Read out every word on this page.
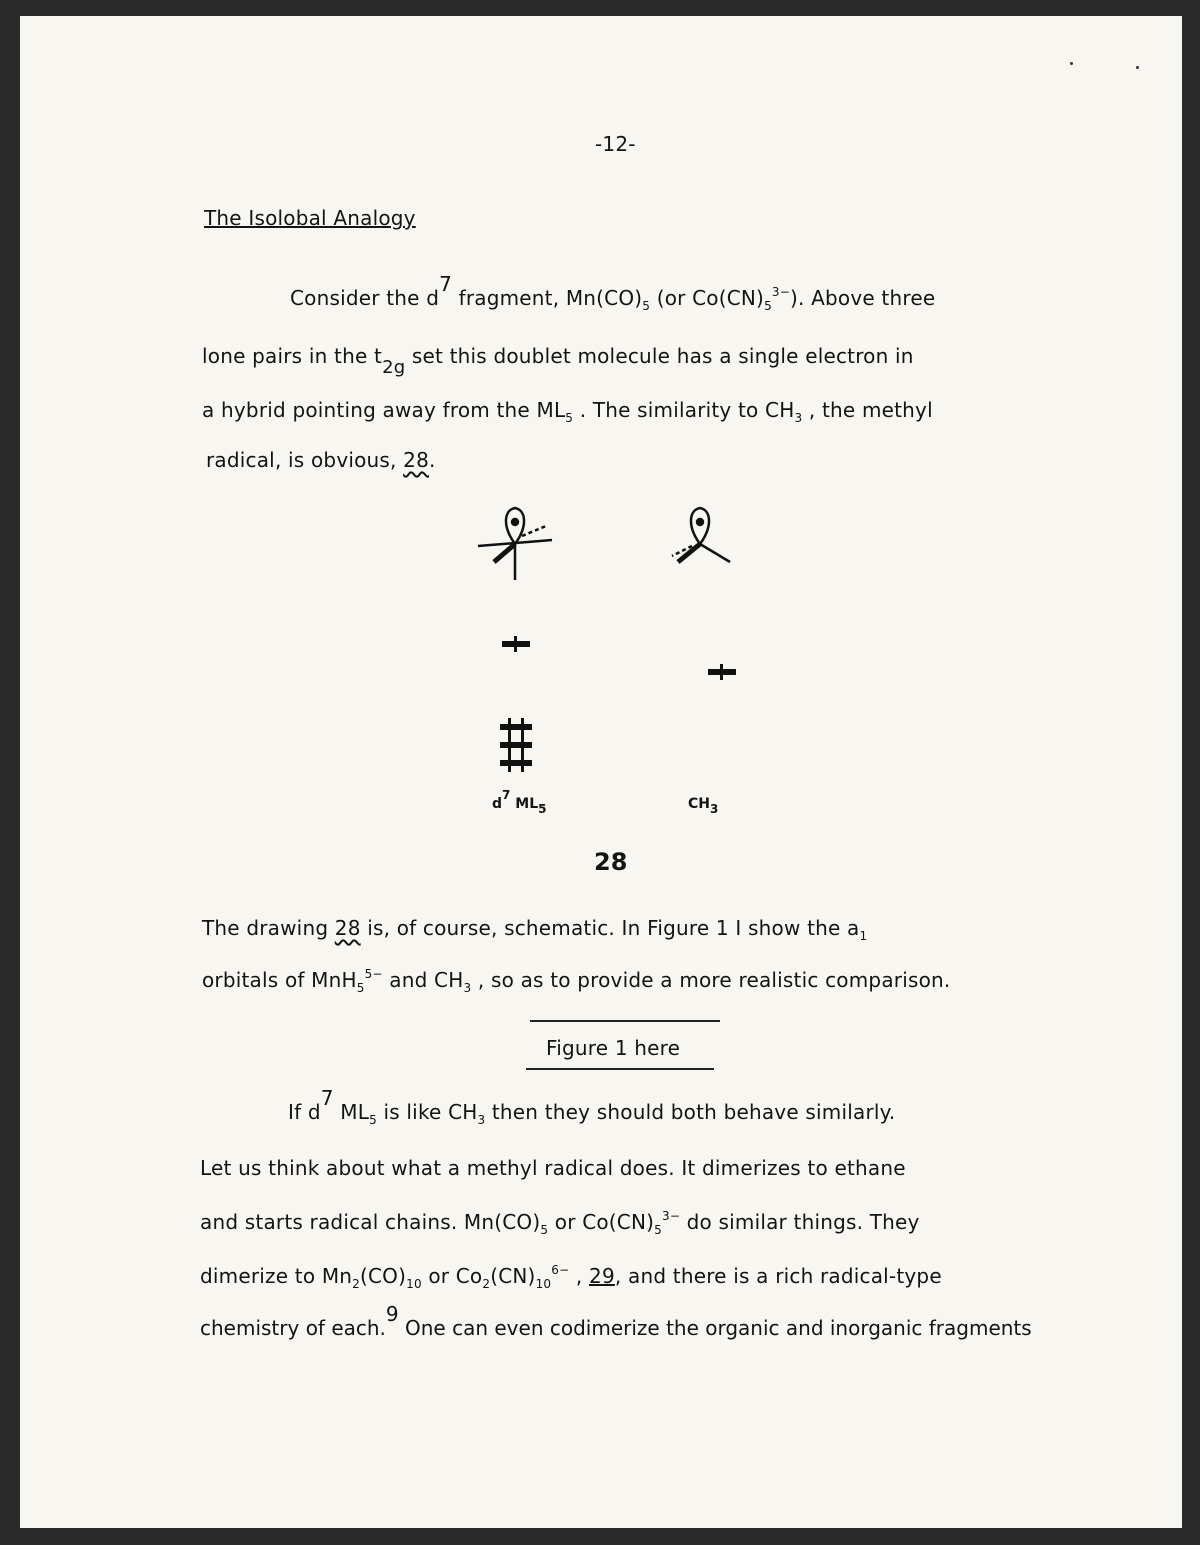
-12-
The Isolobal Analogy
Consider the d7 fragment, $Mn(CO)_5$ (or $Co(CN)_5^{3-}$). Above three
lone pairs in the t2g set this doublet molecule has a single electron in
a hybrid pointing away from the $ML_5$ . The similarity to $CH_3$ , the methyl
radical, is obvious, 28.
d7 ML5	CH3
28
The drawing 28 is, of course, schematic. In Figure 1 I show the $a_1$
orbitals of MnH$_5^{5-}$ and $CH_3$ , so as to provide a more realistic comparison.
Figure 1 here
If d7 $ML_5$ is like $CH_3$ then they should both behave similarly.
Let us think about what a methyl radical does. It dimerizes to ethane
and starts radical chains. $Mn(CO)_5$ or $Co(CN)_5^{3-}$ do similar things. They
dimerize to $Mn_2(CO)_{10}$ or $Co_2(CN)_{10}^{6-}$ , 29, and there is a rich radical-type
chemistry of each.9 One can even codimerize the organic and inorganic fragments
